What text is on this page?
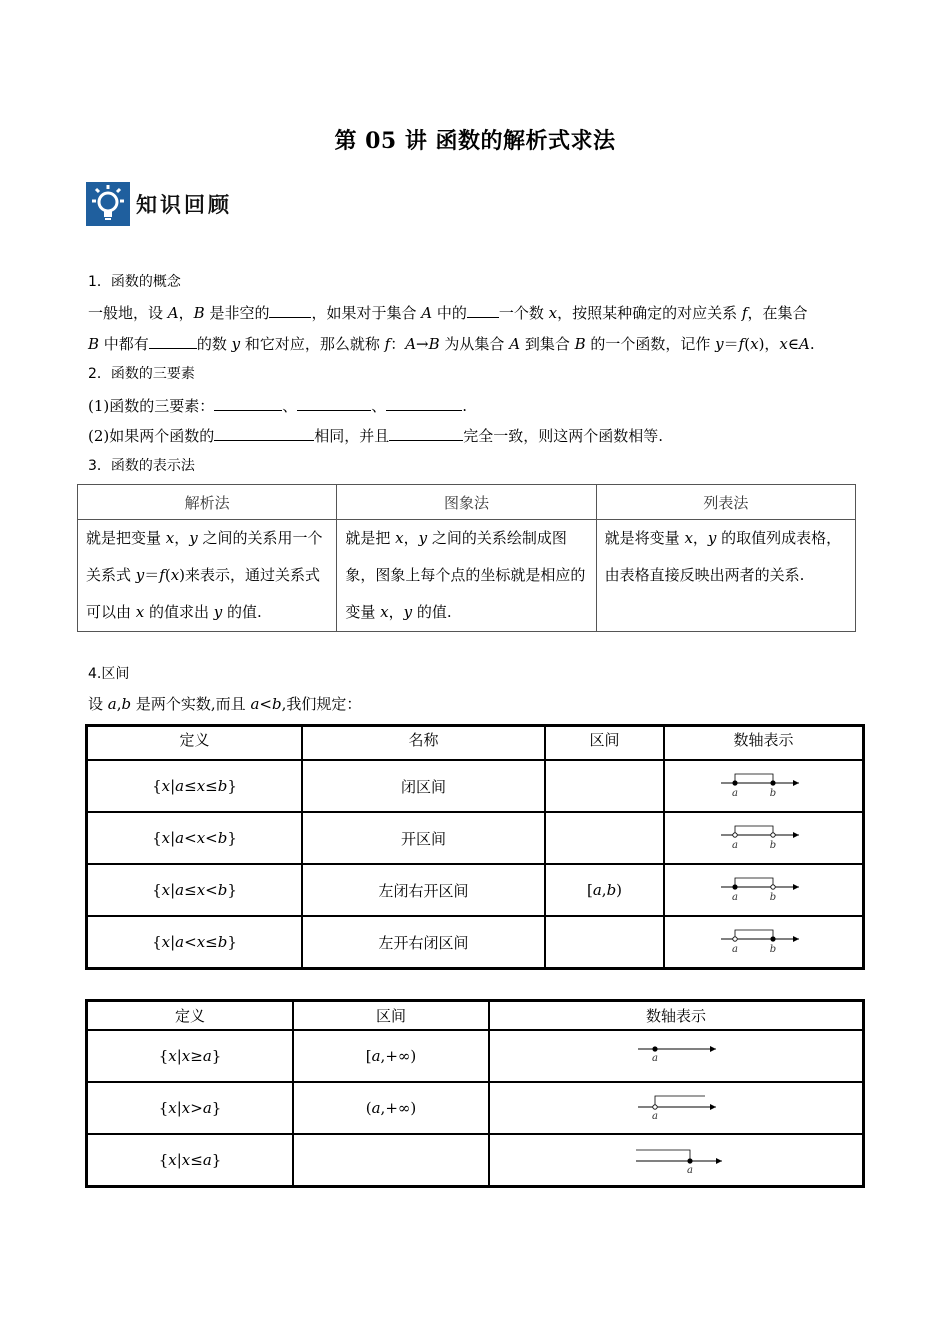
第 05 讲 函数的解析式求法
知识回顾
1．函数的概念
一般地，设 A，B 是非空的	，如果对于集合 A 中的 一个数 x，按照某种确定的对应关系 f，在集合
B 中都有	的数 y 和它对应，那么就称 f：A→B 为从集合 A 到集合 B 的一个函数，记作 y＝f(x)，x∈A.
2．函数的三要素
(1)函数的三要素：	、	、	.
(2)如果两个函数的	相同，并且	完全一致，则这两个函数相等.
3．函数的表示法
解析法	图象法	列表法
就是把变量 x，y 之间的关系用一个关系式 y＝f(x)来表示，通过关系式可以由 x 的值求出 y 的值.	就是把 x，y 之间的关系绘制成图象，图象上每个点的坐标就是相应的变量 x，y 的值.	就是将变量 x，y 的取值列成表格，由表格直接反映出两者的关系.
4.区间
设 a,b 是两个实数,而且 a<b,我们规定：
定义	名称	区间	数轴表示
{x|a≤x≤b}	闭区间		a b

{x|a<x<b}	开区间		a b

{x|a≤x<b}	左闭右开区间	[a,b)	a b

{x|a<x≤b}	左开右闭区间		a b
定义	区间	数轴表示
{x|x≥a}	[a,+∞)	a

{x|x>a}	(a,+∞)	a

{x|x≤a}		a
